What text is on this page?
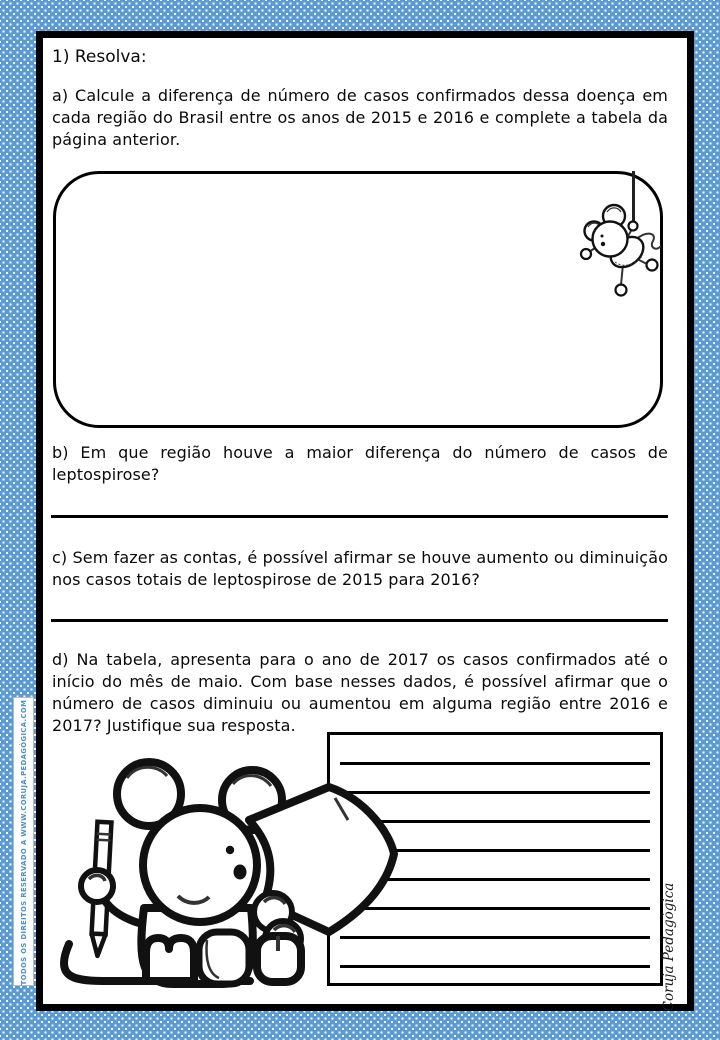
1) Resolva:
a) Calcule a diferença de número de casos confirmados dessa doença em cada região do Brasil entre os anos de 2015 e 2016 e complete a tabela da página anterior.
b) Em que região houve a maior diferença do número de casos de leptospirose?
c) Sem fazer as contas, é possível afirmar se houve aumento ou diminuição nos casos totais de leptospirose de 2015 para 2016?
d) Na tabela, apresenta para o ano de 2017 os casos confirmados até o início do mês de maio. Com base nesses dados, é possível afirmar que o número de casos diminuiu ou aumentou em alguma região entre 2016 e 2017? Justifique sua resposta.
Coruja Pedagógica
TODOS OS DIREITOS RESERVADO A WWW.CORUJA.PEDAGÓGICA.COM
